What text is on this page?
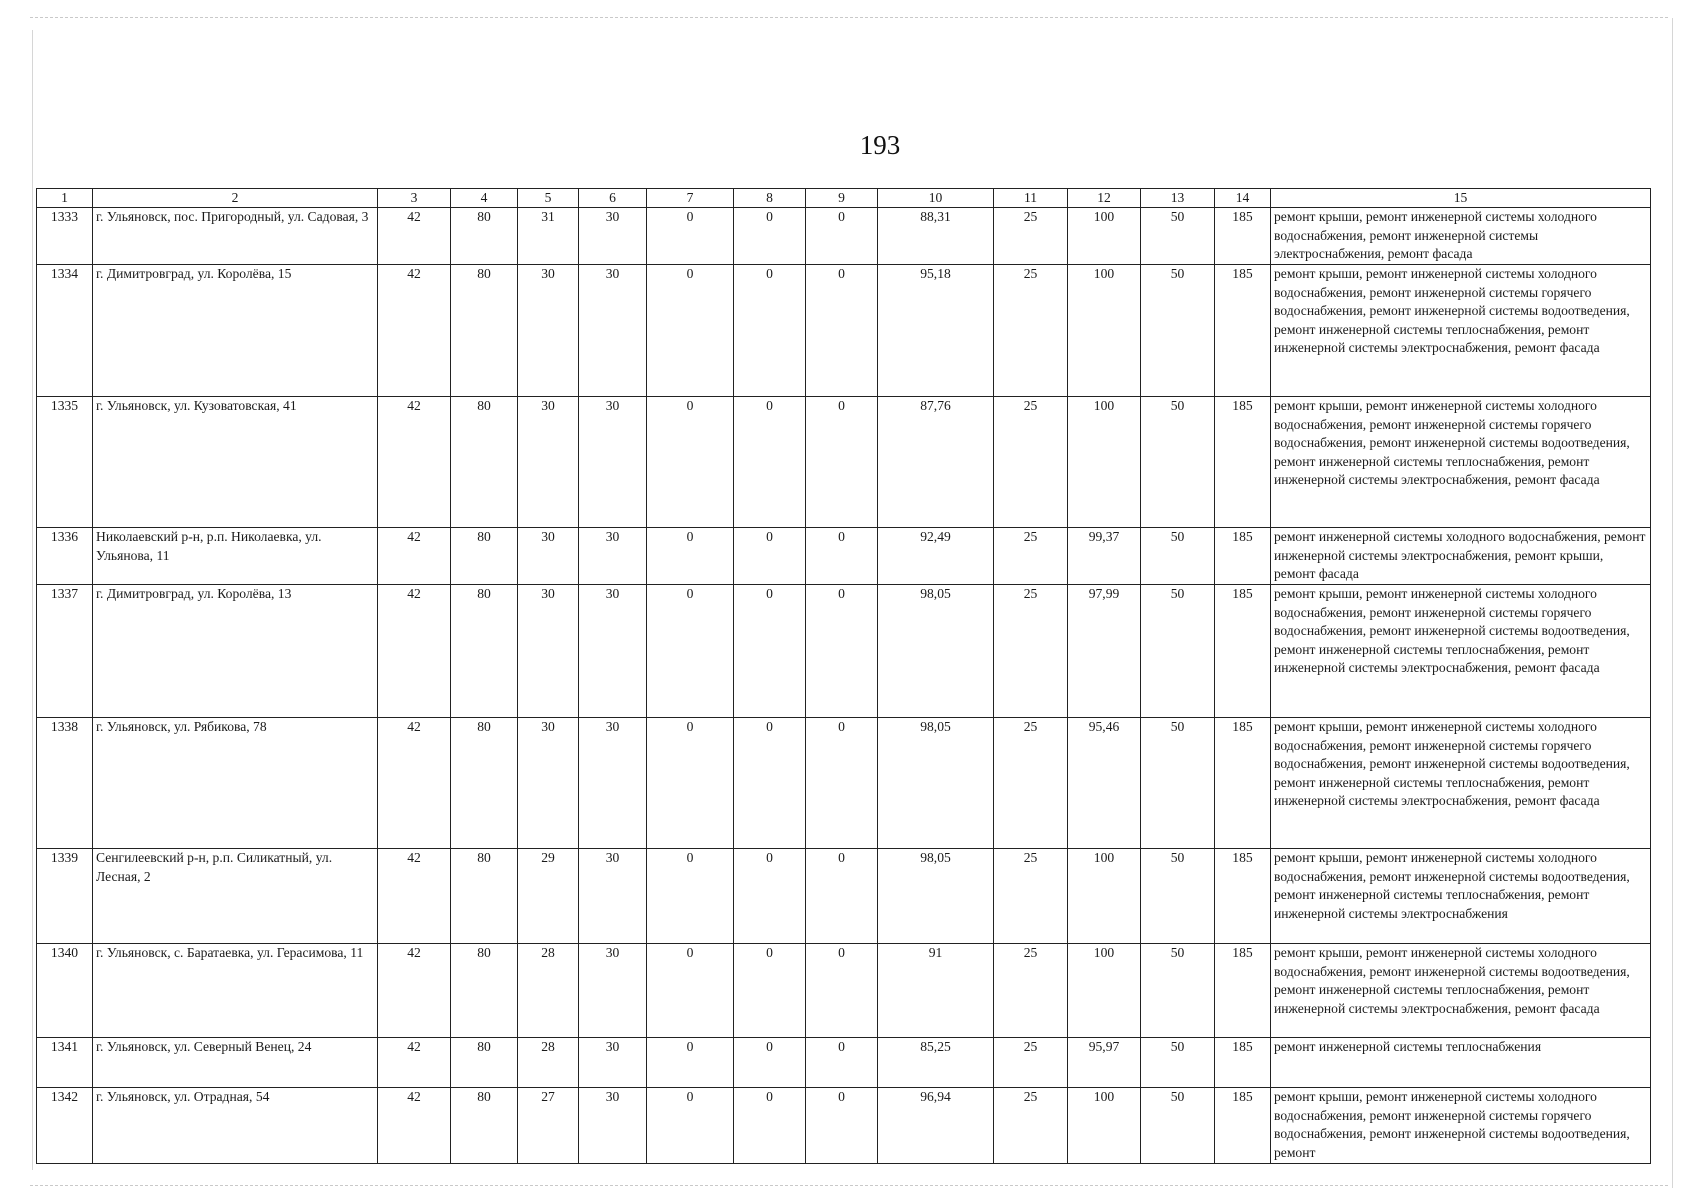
193
1	2	3	4	5	6	7	8	9	10	11	12	13	14	15
1333	г. Ульяновск, пос. Пригородный, ул. Садовая, 3	42	80	31	30	0	0	0	88,31	25	100	50	185	ремонт крыши, ремонт инженерной системы холодного водоснабжения, ремонт инженерной системы электроснабжения, ремонт фасада
1334	г. Димитровград, ул. Королёва, 15	42	80	30	30	0	0	0	95,18	25	100	50	185	ремонт крыши, ремонт инженерной системы холодного водоснабжения, ремонт инженерной системы горячего водоснабжения, ремонт инженерной системы водоотведения, ремонт инженерной системы теплоснабжения, ремонт инженерной системы электроснабжения, ремонт фасада
1335	г. Ульяновск, ул. Кузоватовская, 41	42	80	30	30	0	0	0	87,76	25	100	50	185	ремонт крыши, ремонт инженерной системы холодного водоснабжения, ремонт инженерной системы горячего водоснабжения, ремонт инженерной системы водоотведения, ремонт инженерной системы теплоснабжения, ремонт инженерной системы электроснабжения, ремонт фасада
1336	Николаевский р-н, р.п. Николаевка, ул. Ульянова, 11	42	80	30	30	0	0	0	92,49	25	99,37	50	185	ремонт инженерной системы холодного водоснабжения, ремонт инженерной системы электроснабжения, ремонт крыши, ремонт фасада
1337	г. Димитровград, ул. Королёва, 13	42	80	30	30	0	0	0	98,05	25	97,99	50	185	ремонт крыши, ремонт инженерной системы холодного водоснабжения, ремонт инженерной системы горячего водоснабжения, ремонт инженерной системы водоотведения, ремонт инженерной системы теплоснабжения, ремонт инженерной системы электроснабжения, ремонт фасада
1338	г. Ульяновск, ул. Рябикова, 78	42	80	30	30	0	0	0	98,05	25	95,46	50	185	ремонт крыши, ремонт инженерной системы холодного водоснабжения, ремонт инженерной системы горячего водоснабжения, ремонт инженерной системы водоотведения, ремонт инженерной системы теплоснабжения, ремонт инженерной системы электроснабжения, ремонт фасада
1339	Сенгилеевский р-н, р.п. Силикатный, ул. Лесная, 2	42	80	29	30	0	0	0	98,05	25	100	50	185	ремонт крыши, ремонт инженерной системы холодного водоснабжения, ремонт инженерной системы водоотведения, ремонт инженерной системы теплоснабжения, ремонт инженерной системы электроснабжения
1340	г. Ульяновск, с. Баратаевка, ул. Герасимова, 11	42	80	28	30	0	0	0	91	25	100	50	185	ремонт крыши, ремонт инженерной системы холодного водоснабжения, ремонт инженерной системы водоотведения, ремонт инженерной системы теплоснабжения, ремонт инженерной системы электроснабжения, ремонт фасада
1341	г. Ульяновск, ул. Северный Венец, 24	42	80	28	30	0	0	0	85,25	25	95,97	50	185	ремонт инженерной системы теплоснабжения
1342	г. Ульяновск, ул. Отрадная, 54	42	80	27	30	0	0	0	96,94	25	100	50	185	ремонт крыши, ремонт инженерной системы холодного водоснабжения, ремонт инженерной системы горячего водоснабжения, ремонт инженерной системы водоотведения, ремонт
